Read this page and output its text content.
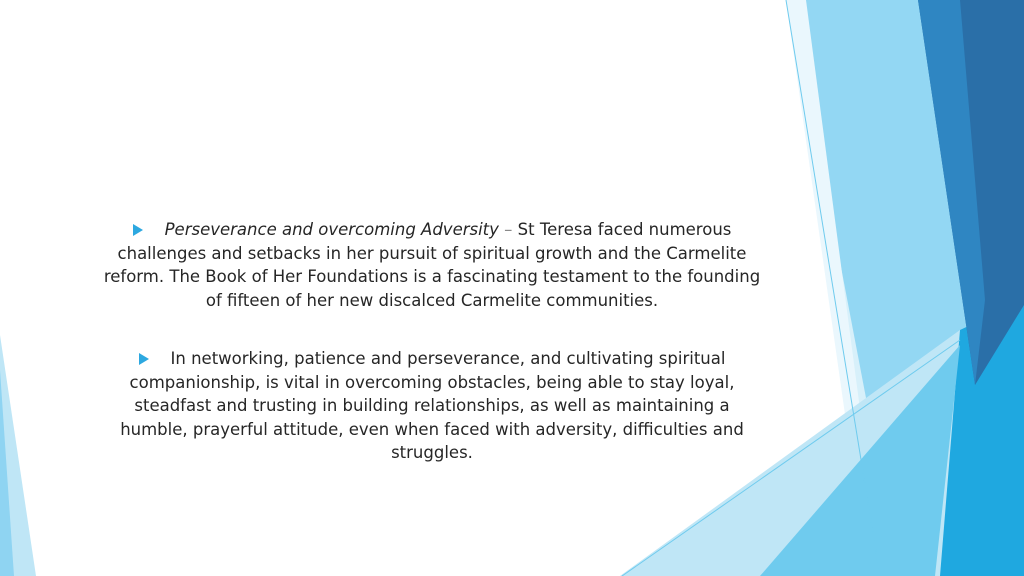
Perseverance and overcoming Adversity – St Teresa faced numerous challenges and setbacks in her pursuit of spiritual growth and the Carmelite reform. The Book of Her Foundations is a fascinating testament to the founding of fifteen of her new discalced Carmelite communities.

In networking, patience and perseverance, and cultivating spiritual companionship, is vital in overcoming obstacles, being able to stay loyal, steadfast and trusting in building relationships, as well as maintaining a humble, prayerful attitude, even when faced with adversity, difficulties and struggles.
